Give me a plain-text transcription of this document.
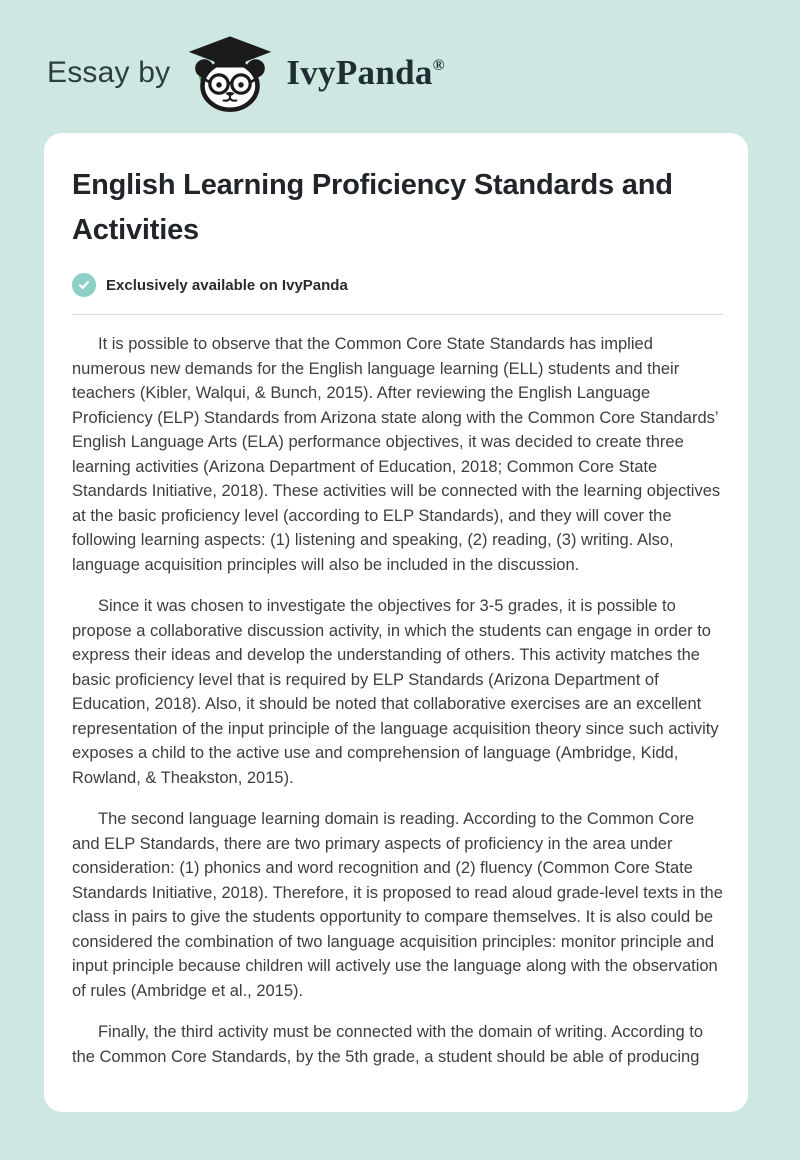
Essay by	IvyPanda®
English Learning Proficiency Standards and Activities
Exclusively available on IvyPanda

It is possible to observe that the Common Core State Standards has implied numerous new demands for the English language learning (ELL) students and their teachers (Kibler, Walqui, & Bunch, 2015). After reviewing the English Language Proficiency (ELP) Standards from Arizona state along with the Common Core Standards’ English Language Arts (ELA) performance objectives, it was decided to create three learning activities (Arizona Department of Education, 2018; Common Core State Standards Initiative, 2018). These activities will be connected with the learning objectives at the basic proficiency level (according to ELP Standards), and they will cover the following learning aspects: (1) listening and speaking, (2) reading, (3) writing. Also, language acquisition principles will also be included in the discussion.

Since it was chosen to investigate the objectives for 3-5 grades, it is possible to propose a collaborative discussion activity, in which the students can engage in order to express their ideas and develop the understanding of others. This activity matches the basic proficiency level that is required by ELP Standards (Arizona Department of Education, 2018). Also, it should be noted that collaborative exercises are an excellent representation of the input principle of the language acquisition theory since such activity exposes a child to the active use and comprehension of language (Ambridge, Kidd, Rowland, & Theakston, 2015).

The second language learning domain is reading. According to the Common Core and ELP Standards, there are two primary aspects of proficiency in the area under consideration: (1) phonics and word recognition and (2) fluency (Common Core State Standards Initiative, 2018). Therefore, it is proposed to read aloud grade-level texts in the class in pairs to give the students opportunity to compare themselves. It is also could be considered the combination of two language acquisition principles: monitor principle and input principle because children will actively use the language along with the observation of rules (Ambridge et al., 2015).

Finally, the third activity must be connected with the domain of writing. According to the Common Core Standards, by the 5th grade, a student should be able of producing
